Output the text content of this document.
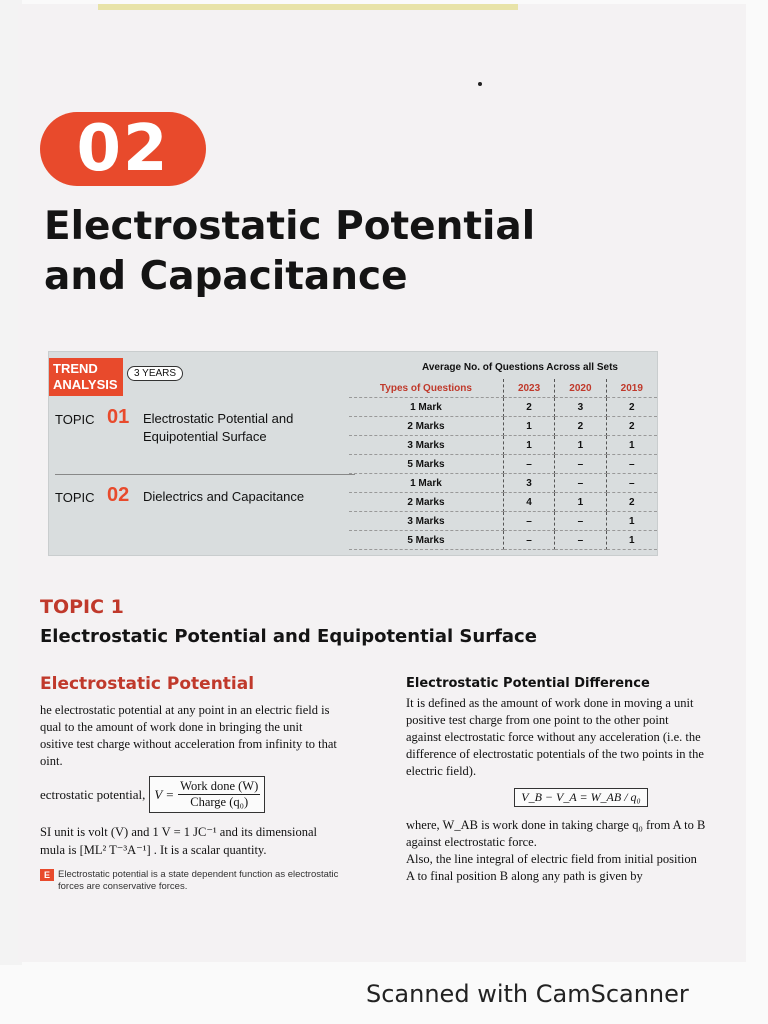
02
Electrostatic Potential
and Capacitance
TREND
ANALYSIS
3 YEARS
Average No. of Questions Across all Sets
TOPIC 01 Electrostatic Potential and Equipotential Surface
TOPIC 02 Dielectrics and Capacitance
Types of Questions	2023	2020	2019
1 Mark	2	3	2
2 Marks	1	2	2
3 Marks	1	1	1
5 Marks	–	–	–
1 Mark	3	–	–
2 Marks	4	1	2
3 Marks	–	–	1
5 Marks	–	–	1
TOPIC 1
Electrostatic Potential and Equipotential Surface
Electrostatic Potential

he electrostatic potential at any point in an electric field is
qual to the amount of work done in bringing the unit
ositive test charge without acceleration from infinity to that
oint.

ectrostatic potential, $V = \frac{\text{Work done (W)}}{\text{Charge (q₀)}}$
SI unit is volt (V) and 1 V = 1 JC⁻¹ and its dimensional
mula is [ML² T⁻³A⁻¹] . It is a scalar quantity.
E Electrostatic potential is a state dependent function as electrostatic
forces are conservative forces.
Electrostatic Potential Difference

It is defined as the amount of work done in moving a unit
positive test charge from one point to the other point
against electrostatic force without any acceleration (i.e. the
difference of electrostatic potentials of the two points in the
electric field).

V_B − V_A = W_AB / q₀

where, W_AB is work done in taking charge q₀ from A to B
against electrostatic force.
Also, the line integral of electric field from initial position
A to final position B along any path is given by

Scanned with CamScanner
